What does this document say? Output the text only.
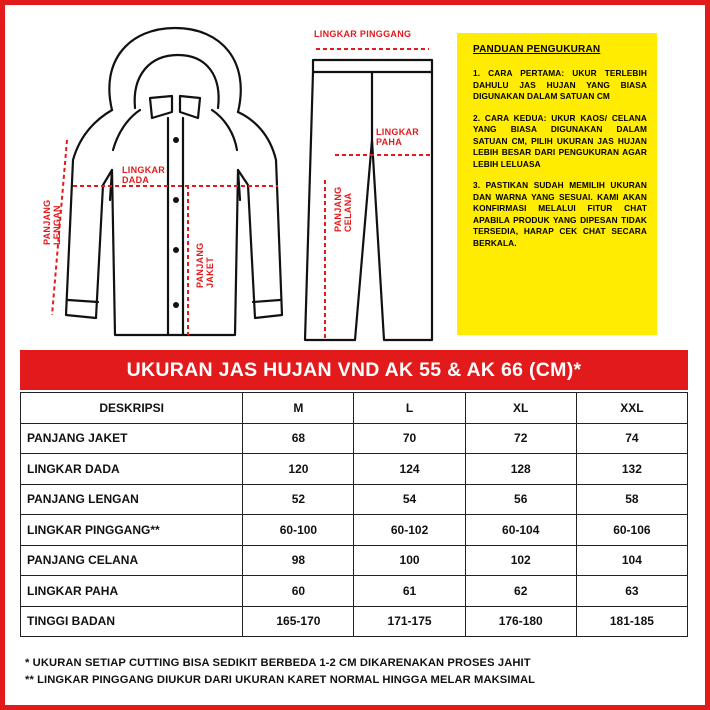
LINGKAR PINGGANG
LINGKAR DADA
PANJANG LENGAN
PANJANG JAKET
LINGKAR PAHA
PANJANG CELANA
PANDUAN PENGUKURAN

1. CARA PERTAMA: UKUR TERLEBIH DAHULU JAS HUJAN YANG BIASA DIGUNAKAN DALAM SATUAN CM

2. CARA KEDUA: UKUR KAOS/ CELANA YANG BIASA DIGUNAKAN DALAM SATUAN CM, PILIH UKURAN JAS HUJAN LEBIH BESAR DARI PENGUKURAN AGAR LEBIH LELUASA

3. PASTIKAN SUDAH MEMILIH UKURAN DAN WARNA YANG SESUAI. KAMI AKAN KONFIRMASI MELALUI FITUR CHAT APABILA PRODUK YANG DIPESAN TIDAK TERSEDIA, HARAP CEK CHAT SECARA BERKALA.

UKURAN JAS HUJAN VND AK 55 & AK 66 (CM)*
DESKRIPSI	M	L	XL	XXL
PANJANG JAKET	68	70	72	74
LINGKAR DADA	120	124	128	132
PANJANG LENGAN	52	54	56	58
LINGKAR PINGGANG**	60-100	60-102	60-104	60-106
PANJANG CELANA	98	100	102	104
LINGKAR PAHA	60	61	62	63
TINGGI BADAN	165-170	171-175	176-180	181-185
* UKURAN SETIAP CUTTING BISA SEDIKIT BERBEDA 1-2 CM DIKARENAKAN PROSES JAHIT
** LINGKAR PINGGANG DIUKUR DARI UKURAN KARET NORMAL HINGGA MELAR MAKSIMAL
